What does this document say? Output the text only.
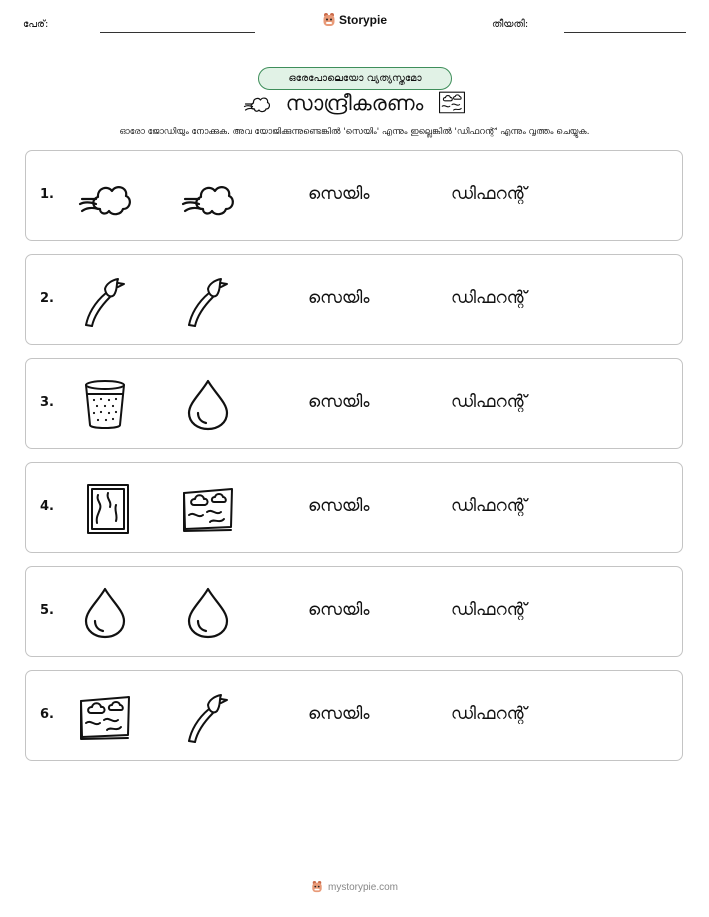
പേര്:	Storypie	തീയതി:
ഒരേപോലെയോ വ്യത്യസ്തമോ
സാന്ദ്രീകരണം
ഓരോ ജോഡിയും നോക്കുക. അവ യോജിക്കുന്നുണ്ടെങ്കിൽ 'സെയിം' എന്നും ഇല്ലെങ്കിൽ 'ഡിഫറന്റ്' എന്നും വൃത്തം ചെയ്യുക.
1.	സെയിം	ഡിഫറന്റ്
2.	സെയിം	ഡിഫറന്റ്
3.	സെയിം	ഡിഫറന്റ്
4.	സെയിം	ഡിഫറന്റ്
5.	സെയിം	ഡിഫറന്റ്
6.	സെയിം	ഡിഫറന്റ്
mystorypie.com
